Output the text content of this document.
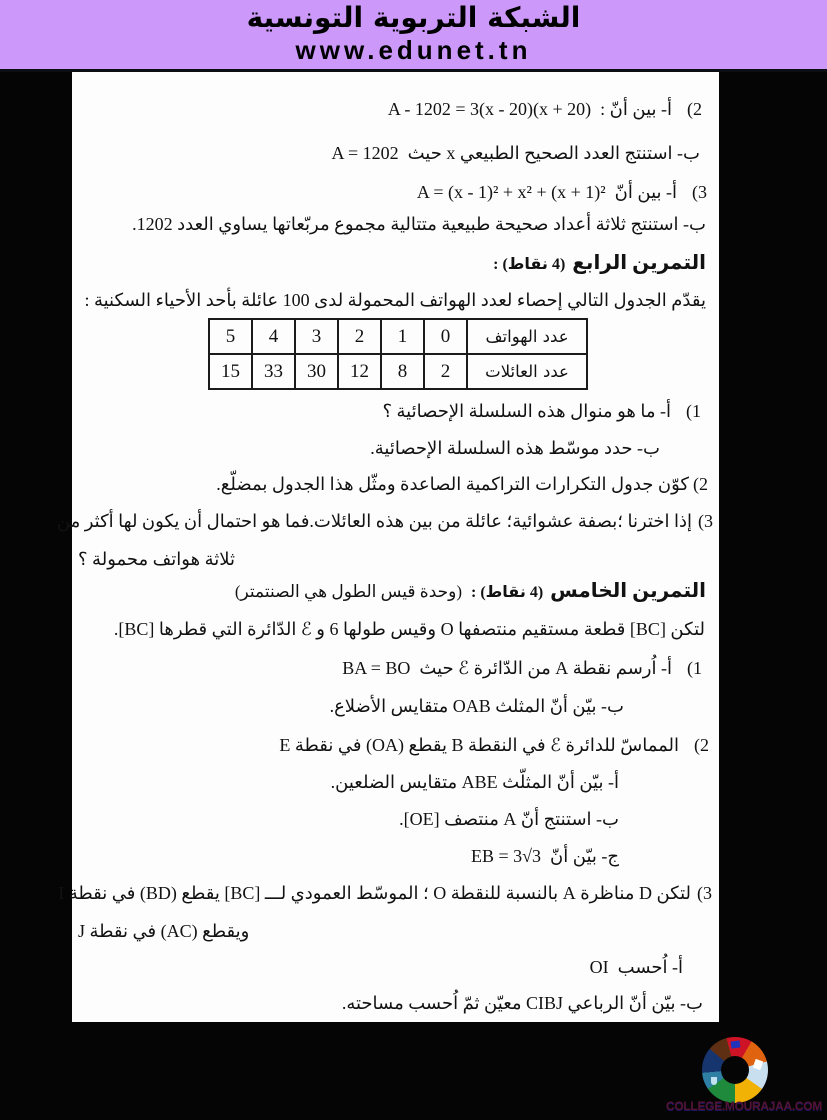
الشبكة التربوية التونسية
www.edunet.tn
2)أ- بين أنّ :A - 1202 = 3(x - 20)(x + 20)
ب- استنتج العدد الصحيح الطبيعي x حيثA = 1202
3)أ- بين أنّA = (x - 1)² + x² + (x + 1)²
ب- استنتج ثلاثة أعداد صحيحة طبيعية متتالية مجموع مربّعاتها يساوي العدد 1202.
التمرين الرابع(4 نقاط) :
يقدّم الجدول التالي إحصاء لعدد الهواتف المحمولة لدى 100 عائلة بأحد الأحياء السكنية :
عدد الهواتف	0	1	2	3	4	5
عدد العائلات	2	8	12	30	33	15
1)أ- ما هو منوال هذه السلسلة الإحصائية ؟
ب- حدد موسّط هذه السلسلة الإحصائية.
2)كوّن جدول التكرارات التراكمية الصاعدة ومثّل هذا الجدول بمضلّع.
3)إذا اخترنا ؛بصفة عشوائية؛ عائلة من بين هذه العائلات.فما هو احتمال أن يكون لها أكثر من
ثلاثة هواتف محمولة ؟
التمرين الخامس(4 نقاط) :(وحدة قيس الطول هي الصنتمتر)
لتكن [BC] قطعة مستقيم منتصفها O وقيس طولها 6 و ℰ الدّائرة التي قطرها [BC].
1)أ- اُرسم نقطة A من الدّائرة ℰ حيثBA = BO
ب- بيّن أنّ المثلث OAB متقايس الأضلاع.
2)المماسّ للدائرة ℰ في النقطة B يقطع (OA) في نقطة E
أ- بيّن أنّ المثلّث ABE متقايس الضلعين.
ب- استنتج أنّ A منتصف [OE].
ج- بيّن أنّEB = 3√3
3)لتكن D مناظرة A بالنسبة للنقطة O ؛ الموسّط العمودي لـــ [BC] يقطع (BD) في نقطة I
ويقطع (AC) في نقطة J
أ- اُحسبOI
ب- بيّن أنّ الرباعي CIBJ معيّن ثمّ اُحسب مساحته.
COLLEGE.MOURAJAA.COM
